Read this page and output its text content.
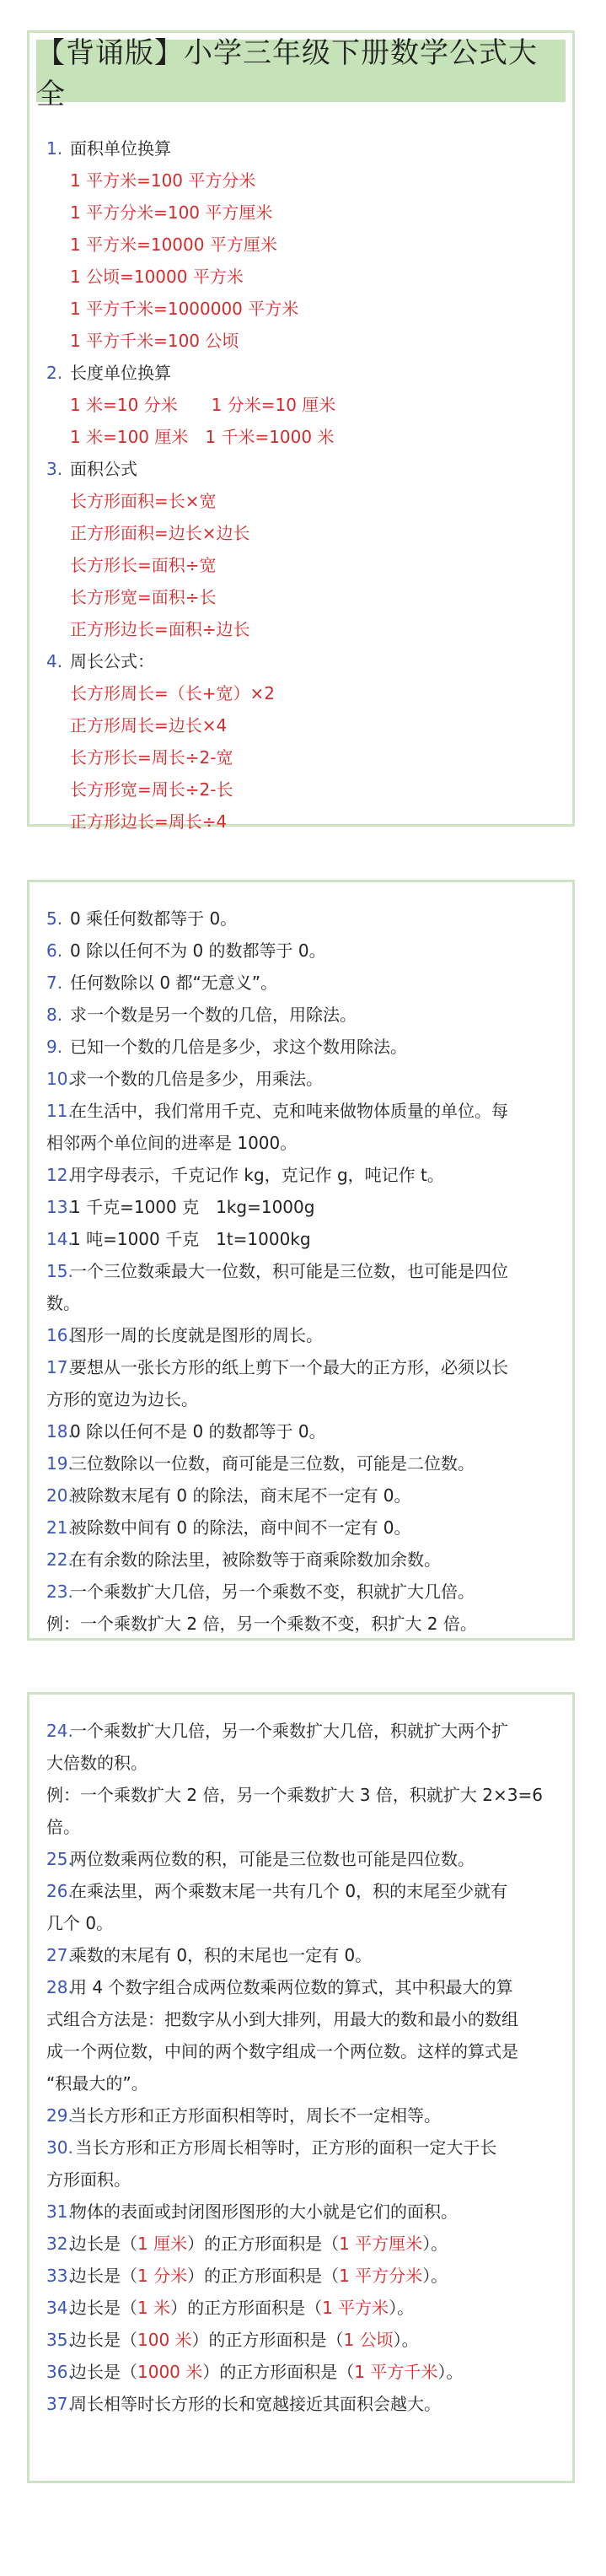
【背诵版】小学三年级下册数学公式大全
1. 面积单位换算
1 平方米=100 平方分米
1 平方分米=100 平方厘米
1 平方米=10000 平方厘米
1 公顷=10000 平方米
1 平方千米=1000000 平方米
1 平方千米=100 公顷
2. 长度单位换算
1 米=10 分米　　1 分米=10 厘米
1 米=100 厘米　1 千米=1000 米
3. 面积公式
长方形面积=长×宽
正方形面积=边长×边长
长方形长=面积÷宽
长方形宽=面积÷长
正方形边长=面积÷边长
4. 周长公式：
长方形周长=（长+宽）×2
正方形周长=边长×4
长方形长=周长÷2-宽
长方形宽=周长÷2-长
正方形边长=周长÷4
5. 0 乘任何数都等于 0。
6. 0 除以任何不为 0 的数都等于 0。
7. 任何数除以 0 都“无意义”。
8. 求一个数是另一个数的几倍，用除法。
9. 已知一个数的几倍是多少，求这个数用除法。
10.求一个数的几倍是多少，用乘法。
11.在生活中，我们常用千克、克和吨来做物体质量的单位。每
相邻两个单位间的进率是 1000。
12.用字母表示，千克记作 kg，克记作 g，吨记作 t。
13.1 千克=1000 克　1kg=1000g
14.1 吨=1000 千克　1t=1000kg
15.一个三位数乘最大一位数，积可能是三位数，也可能是四位
数。
16.图形一周的长度就是图形的周长。
17.要想从一张长方形的纸上剪下一个最大的正方形，必须以长
方形的宽边为边长。
18.0 除以任何不是 0 的数都等于 0。
19.三位数除以一位数，商可能是三位数，可能是二位数。
20.被除数末尾有 0 的除法，商末尾不一定有 0。
21.被除数中间有 0 的除法，商中间不一定有 0。
22.在有余数的除法里，被除数等于商乘除数加余数。
23.一个乘数扩大几倍，另一个乘数不变，积就扩大几倍。
例：一个乘数扩大 2 倍，另一个乘数不变，积扩大 2 倍。
24.一个乘数扩大几倍，另一个乘数扩大几倍，积就扩大两个扩
大倍数的积。
例：一个乘数扩大 2 倍，另一个乘数扩大 3 倍，积就扩大 2×3=6
倍。
25.两位数乘两位数的积，可能是三位数也可能是四位数。
26.在乘法里，两个乘数末尾一共有几个 0，积的末尾至少就有
几个 0。
27.乘数的末尾有 0，积的末尾也一定有 0。
28.用 4 个数字组合成两位数乘两位数的算式，其中积最大的算
式组合方法是：把数字从小到大排列，用最大的数和最小的数组
成一个两位数，中间的两个数字组成一个两位数。这样的算式是
“积最大的”。
29.当长方形和正方形面积相等时，周长不一定相等。
30. 当长方形和正方形周长相等时，正方形的面积一定大于长
方形面积。
31.物体的表面或封闭图形图形的大小就是它们的面积。
32.边长是（1 厘米）的正方形面积是（1 平方厘米）。
33.边长是（1 分米）的正方形面积是（1 平方分米）。
34.边长是（1 米）的正方形面积是（1 平方米）。
35.边长是（100 米）的正方形面积是（1 公顷）。
36.边长是（1000 米）的正方形面积是（1 平方千米）。
37.周长相等时长方形的长和宽越接近其面积会越大。
